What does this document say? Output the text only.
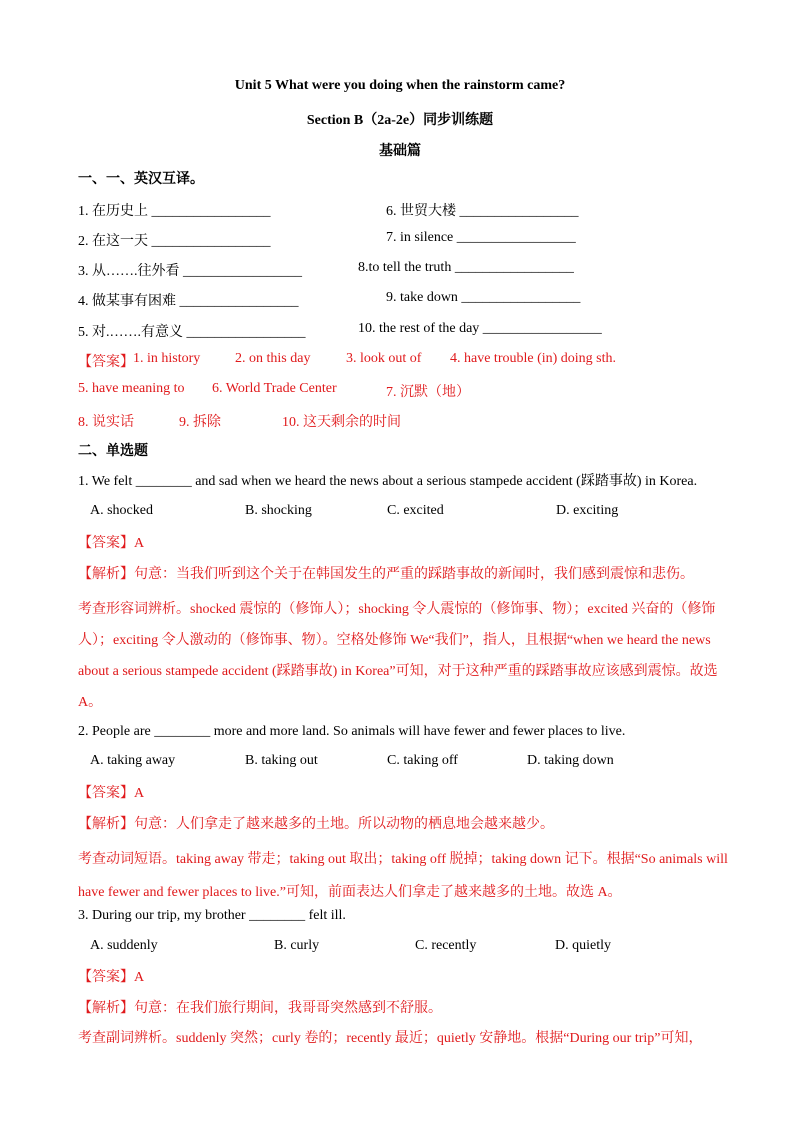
Unit 5 What were you doing when the rainstorm came?
Section B（2a-2e）同步训练题
基础篇
一、一、英汉互译。
1. 在历史上 _________________
2. 在这一天 _________________
3. 从…….往外看 _________________
4. 做某事有困难 _________________
5. 对.…….有意义 _________________
6. 世贸大楼 _________________
7. in silence _________________
8.to tell the truth _________________
9. take down _________________
10. the rest of the day _________________
【答案】 1. in history 2. on this day	3. look out of 4. have trouble (in) doing sth.
5. have meaning to 6. World Trade Center	7. 沉默（地）
8. 说实话	9. 拆除	10. 这天剩余的时间
二、单选题
1. We felt ________ and sad when we heard the news about a serious stampede accident (踩踏事故) in Korea.
A. shocked	B. shocking	C. excited	D. exciting
【答案】A
【解析】句意：当我们听到这个关于在韩国发生的严重的踩踏事故的新闻时，我们感到震惊和悲伤。
考查形容词辨析。shocked 震惊的（修饰人）；shocking 令人震惊的（修饰事、物）；excited 兴奋的（修饰人）；exciting 令人激动的（修饰事、物）。空格处修饰 We“我们”，指人，且根据“when we heard the news about a serious stampede accident (踩踏事故) in Korea”可知，对于这种严重的踩踏事故应该感到震惊。故选 A。
2. People are ________ more and more land. So animals will have fewer and fewer places to live.
A. taking away	B. taking out	C. taking off	D. taking down
【答案】A
【解析】句意：人们拿走了越来越多的土地。所以动物的栖息地会越来越少。
考查动词短语。taking away 带走；taking out 取出；taking off 脱掉；taking down 记下。根据“So animals will have fewer and fewer places to live.”可知，前面表达人们拿走了越来越多的土地。故选 A。
3. During our trip, my brother ________ felt ill.
A. suddenly	B. curly	C. recently	D. quietly
【答案】A
【解析】句意：在我们旅行期间，我哥哥突然感到不舒服。
考查副词辨析。suddenly 突然；curly 卷的；recently 最近；quietly 安静地。根据“During our trip”可知，
